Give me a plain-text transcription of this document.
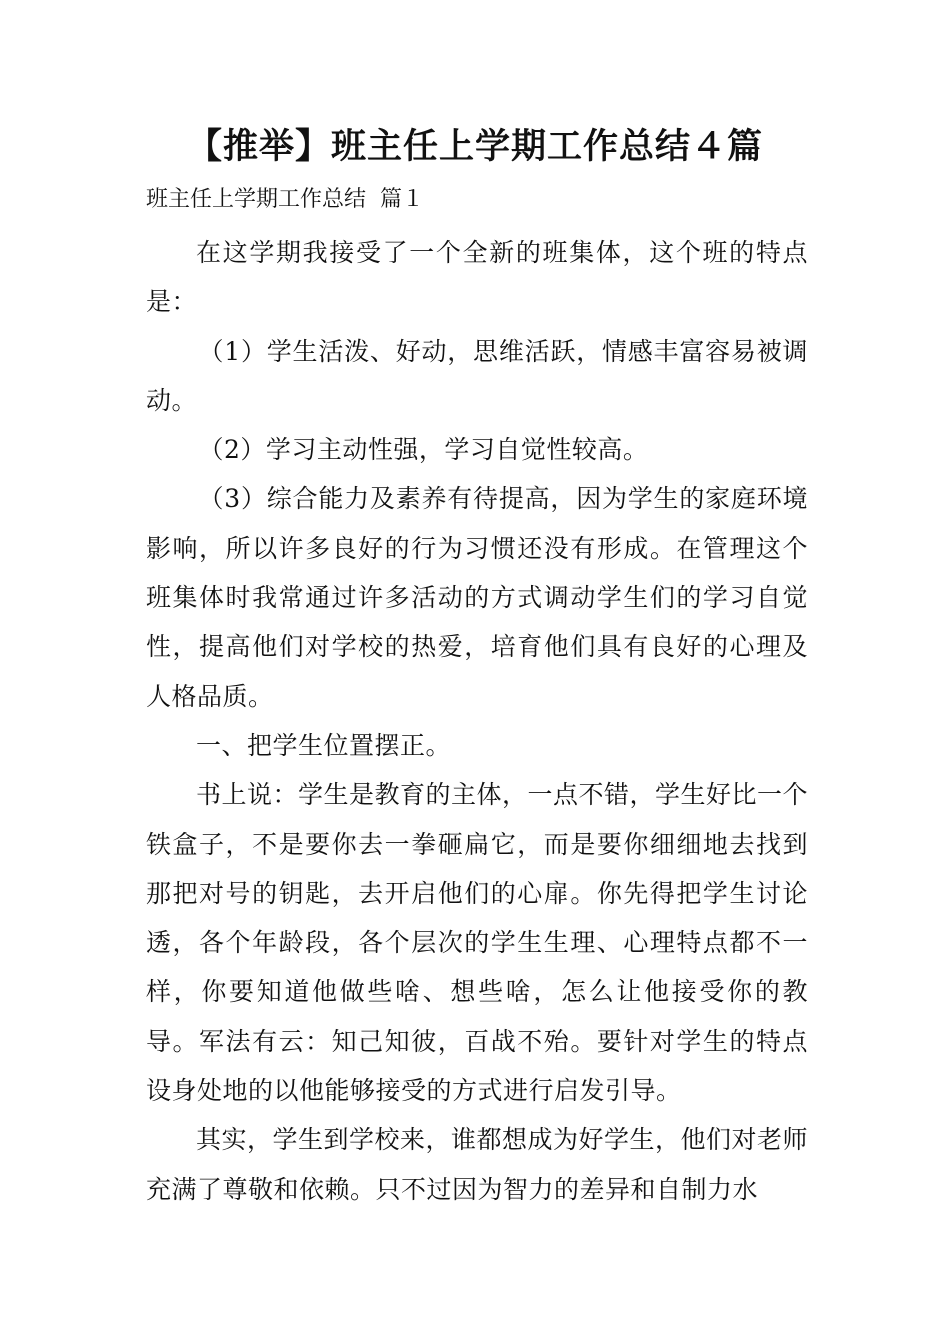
【推举】班主任上学期工作总结４篇
班主任上学期工作总结  篇１

在这学期我接受了一个全新的班集体，这个班的特点是：

（1）学生活泼、好动，思维活跃，情感丰富容易被调动。

（2）学习主动性强，学习自觉性较高。

（3）综合能力及素养有待提高，因为学生的家庭环境影响，所以许多良好的行为习惯还没有形成。在管理这个班集体时我常通过许多活动的方式调动学生们的学习自觉性，提高他们对学校的热爱，培育他们具有良好的心理及人格品质。

一、把学生位置摆正。

书上说：学生是教育的主体，一点不错，学生好比一个铁盒子，不是要你去一拳砸扁它，而是要你细细地去找到那把对号的钥匙，去开启他们的心扉。你先得把学生讨论透，各个年龄段，各个层次的学生生理、心理特点都不一样，你要知道他做些啥、想些啥，怎么让他接受你的教导。军法有云：知己知彼，百战不殆。要针对学生的特点设身处地的以他能够接受的方式进行启发引导。

其实，学生到学校来，谁都想成为好学生，他们对老师充满了尊敬和依赖。只不过因为智力的差异和自制力水
